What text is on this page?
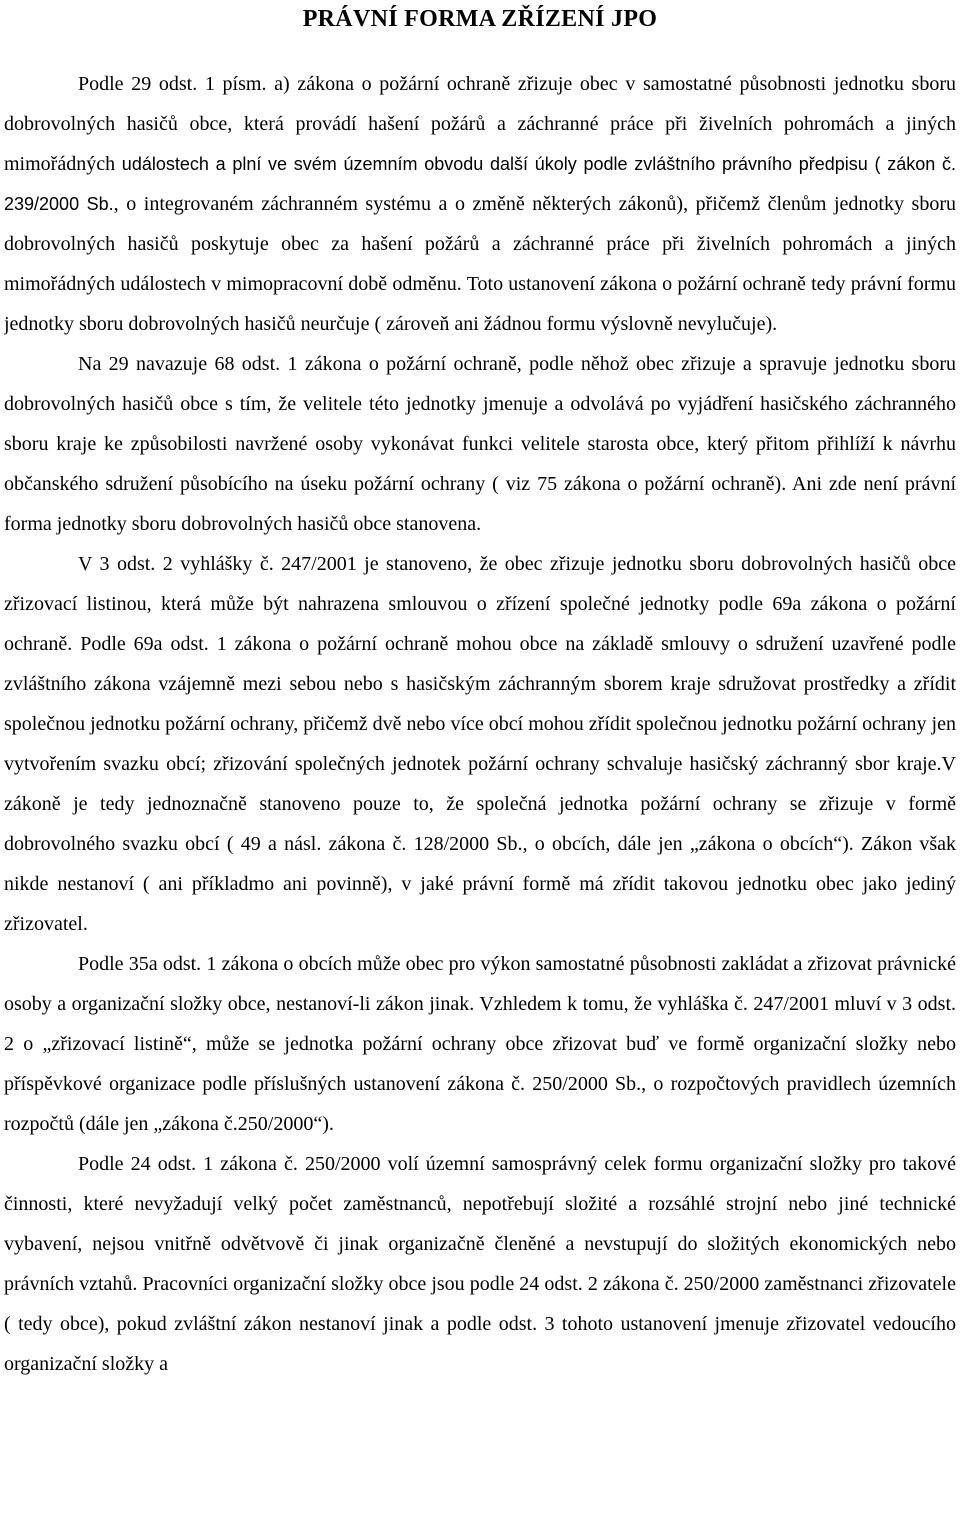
PRÁVNÍ FORMA ZŘÍZENÍ JPO

Podle 29 odst. 1 písm. a) zákona o požární ochraně zřizuje obec v samostatné působnosti jednotku sboru dobrovolných hasičů obce, která provádí hašení požárů a záchranné práce při živelních pohromách a jiných mimořádných událostech a plní ve svém územním obvodu další úkoly podle zvláštního právního předpisu ( zákon č. 239/2000 Sb., o integrovaném záchranném systému a o změně některých zákonů), přičemž členům jednotky sboru dobrovolných hasičů poskytuje obec za hašení požárů a záchranné práce při živelních pohromách a jiných mimořádných událostech v mimopracovní době odměnu. Toto ustanovení zákona o požární ochraně tedy právní formu jednotky sboru dobrovolných hasičů neurčuje ( zároveň ani žádnou formu výslovně nevylučuje).

Na 29 navazuje 68 odst. 1 zákona o požární ochraně, podle něhož obec zřizuje a spravuje jednotku sboru dobrovolných hasičů obce s tím, že velitele této jednotky jmenuje a odvolává po vyjádření hasičského záchranného sboru kraje ke způsobilosti navržené osoby vykonávat funkci velitele starosta obce, který přitom přihlíží k návrhu občanského sdružení působícího na úseku požární ochrany ( viz 75 zákona o požární ochraně). Ani zde není právní forma jednotky sboru dobrovolných hasičů obce stanovena.

V 3 odst. 2 vyhlášky č. 247/2001 je stanoveno, že obec zřizuje jednotku sboru dobrovolných hasičů obce zřizovací listinou, která může být nahrazena smlouvou o zřízení společné jednotky podle 69a zákona o požární ochraně. Podle 69a odst. 1 zákona o požární ochraně mohou obce na základě smlouvy o sdružení uzavřené podle zvláštního zákona vzájemně mezi sebou nebo s hasičským záchranným sborem kraje sdružovat prostředky a zřídit společnou jednotku požární ochrany, přičemž dvě nebo více obcí mohou zřídit společnou jednotku požární ochrany jen vytvořením svazku obcí; zřizování společných jednotek požární ochrany schvaluje hasičský záchranný sbor kraje.V zákoně je tedy jednoznačně stanoveno pouze to, že společná jednotka požární ochrany se zřizuje v formě dobrovolného svazku obcí ( 49 a násl. zákona č. 128/2000 Sb., o obcích, dále jen „zákona o obcích“). Zákon však nikde nestanoví ( ani příkladmo ani povinně), v jaké právní formě má zřídit takovou jednotku obec jako jediný zřizovatel.

Podle 35a odst. 1 zákona o obcích může obec pro výkon samostatné působnosti zakládat a zřizovat právnické osoby a organizační složky obce, nestanoví-li zákon jinak. Vzhledem k tomu, že vyhláška č. 247/2001 mluví v 3 odst. 2 o „zřizovací listině“, může se jednotka požární ochrany obce zřizovat buď ve formě organizační složky nebo příspěvkové organizace podle příslušných ustanovení zákona č. 250/2000 Sb., o rozpočtových pravidlech územních rozpočtů (dále jen „zákona č.250/2000“).

Podle 24 odst. 1 zákona č. 250/2000 volí územní samosprávný celek formu organizační složky pro takové činnosti, které nevyžadují velký počet zaměstnanců, nepotřebují složité a rozsáhlé strojní nebo jiné technické vybavení, nejsou vnitřně odvětvově či jinak organizačně členěné a nevstupují do složitých ekonomických nebo právních vztahů. Pracovníci organizační složky obce jsou podle 24 odst. 2 zákona č. 250/2000 zaměstnanci zřizovatele ( tedy obce), pokud zvláštní zákon nestanoví jinak a podle odst. 3 tohoto ustanovení jmenuje zřizovatel vedoucího organizační složky a
